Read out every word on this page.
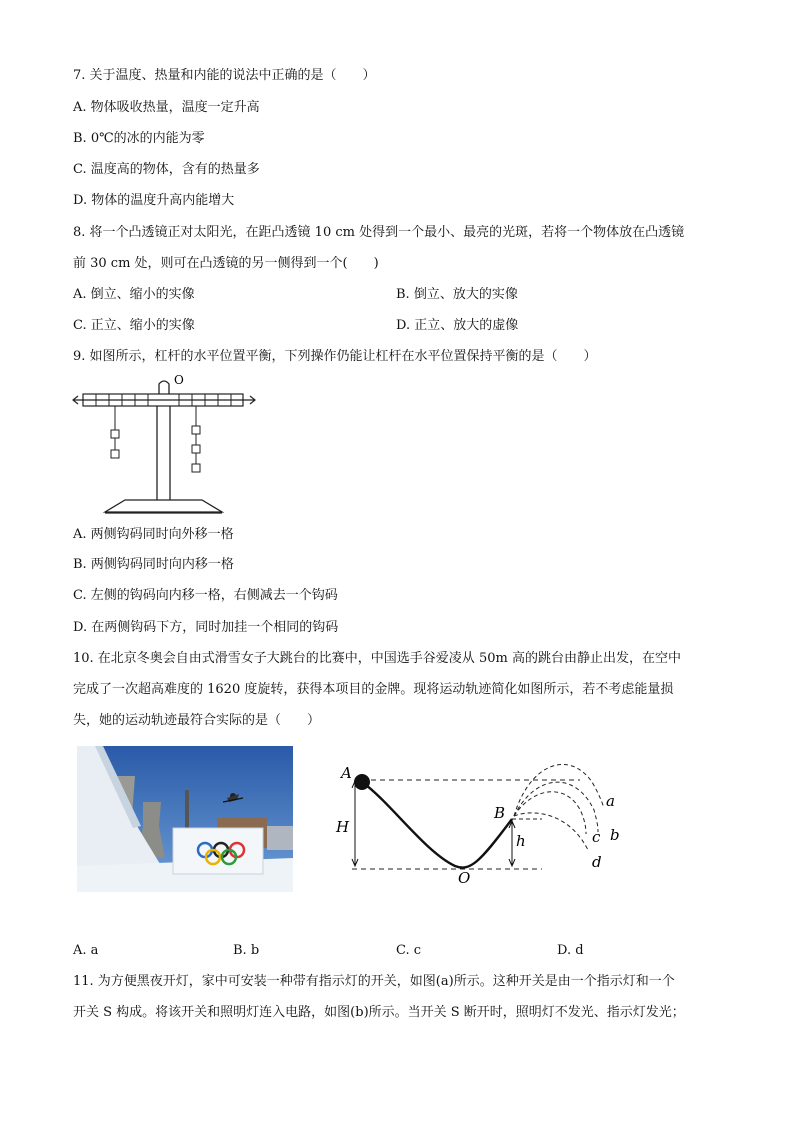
7. 关于温度、热量和内能的说法中正确的是（　　）
A. 物体吸收热量，温度一定升高
B. 0℃的冰的内能为零
C. 温度高的物体，含有的热量多
D. 物体的温度升高内能增大
8. 将一个凸透镜正对太阳光，在距凸透镜 10 cm 处得到一个最小、最亮的光斑，若将一个物体放在凸透镜
前 30 cm 处，则可在凸透镜的另一侧得到一个(　　)
A. 倒立、缩小的实像	B. 倒立、放大的实像
C. 正立、缩小的实像	D. 正立、放大的虚像
9. 如图所示，杠杆的水平位置平衡，下列操作仍能让杠杆在水平位置保持平衡的是（　　）
O
A. 两侧钩码同时向外移一格
B. 两侧钩码同时向内移一格
C. 左侧的钩码向内移一格，右侧减去一个钩码
D. 在两侧钩码下方，同时加挂一个相同的钩码
10. 在北京冬奥会自由式滑雪女子大跳台的比赛中，中国选手谷爱凌从 50m 高的跳台由静止出发，在空中
完成了一次超高难度的 1620 度旋转，获得本项目的金牌。现将运动轨迹简化如图所示，若不考虑能量损
失，她的运动轨迹最符合实际的是（　　）
A
H
O
B
h
a
b
c
d
A. a	B. b	C. c	D. d
11. 为方便黑夜开灯，家中可安装一种带有指示灯的开关，如图(a)所示。这种开关是由一个指示灯和一个
开关 S 构成。将该开关和照明灯连入电路，如图(b)所示。当开关 S 断开时，照明灯不发光、指示灯发光；
